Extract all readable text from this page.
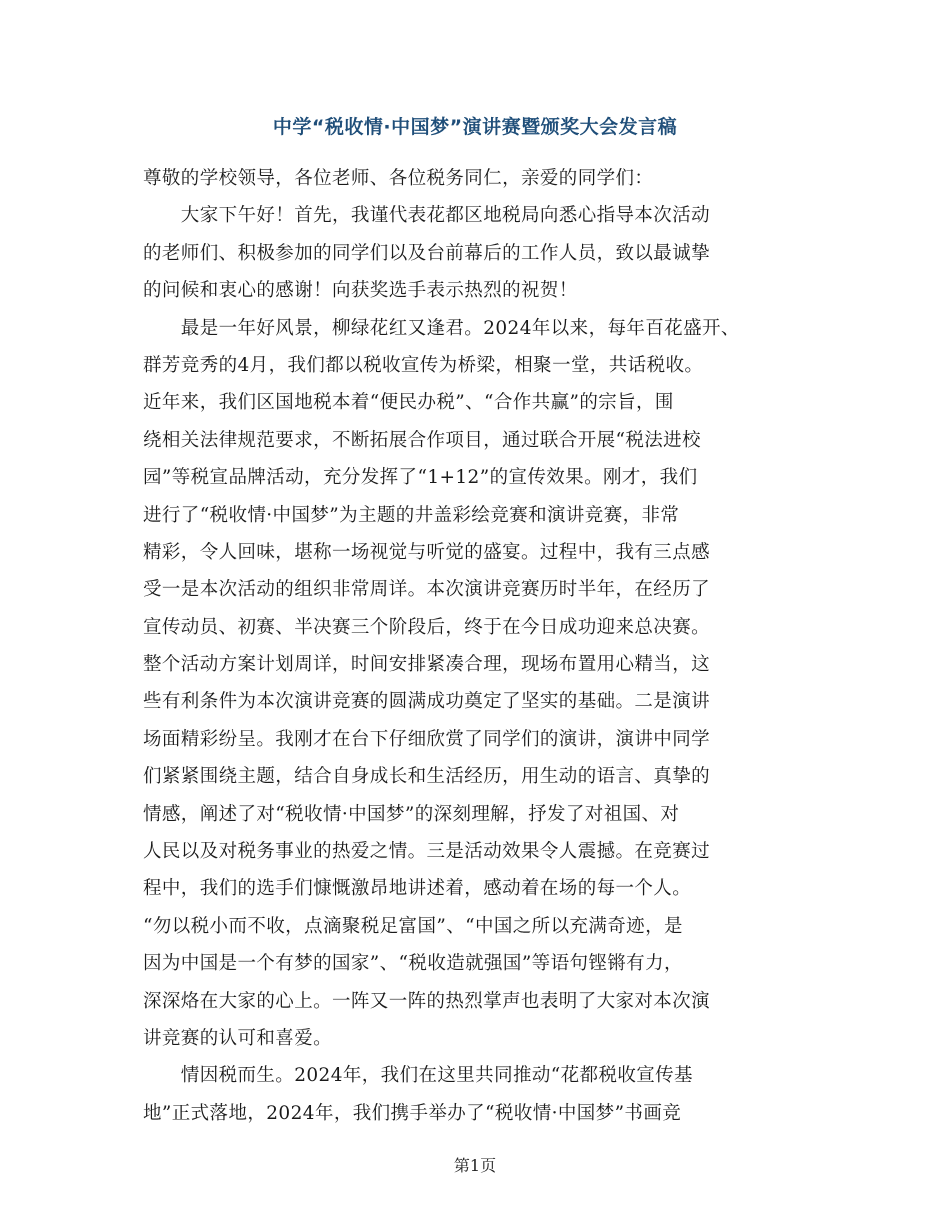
中学“税收情·中国梦”演讲赛暨颁奖大会发言稿
尊敬的学校领导，各位老师、各位税务同仁，亲爱的同学们：
　　大家下午好！首先，我谨代表花都区地税局向悉心指导本次活动
的老师们、积极参加的同学们以及台前幕后的工作人员，致以最诚挚
的问候和衷心的感谢！向获奖选手表示热烈的祝贺！
　　最是一年好风景，柳绿花红又逢君。2024年以来，每年百花盛开、
群芳竞秀的4月，我们都以税收宣传为桥梁，相聚一堂，共话税收。
近年来，我们区国地税本着“便民办税”、“合作共赢”的宗旨，围
绕相关法律规范要求，不断拓展合作项目，通过联合开展“税法进校
园”等税宣品牌活动，充分发挥了“1+12”的宣传效果。刚才，我们
进行了“税收情·中国梦”为主题的井盖彩绘竞赛和演讲竞赛，非常
精彩，令人回味，堪称一场视觉与听觉的盛宴。过程中，我有三点感
受一是本次活动的组织非常周详。本次演讲竞赛历时半年，在经历了
宣传动员、初赛、半决赛三个阶段后，终于在今日成功迎来总决赛。
整个活动方案计划周详，时间安排紧凑合理，现场布置用心精当，这
些有利条件为本次演讲竞赛的圆满成功奠定了坚实的基础。二是演讲
场面精彩纷呈。我刚才在台下仔细欣赏了同学们的演讲，演讲中同学
们紧紧围绕主题，结合自身成长和生活经历，用生动的语言、真挚的
情感，阐述了对“税收情·中国梦”的深刻理解，抒发了对祖国、对
人民以及对税务事业的热爱之情。三是活动效果令人震撼。在竞赛过
程中，我们的选手们慷慨激昂地讲述着，感动着在场的每一个人。
“勿以税小而不收，点滴聚税足富国”、“中国之所以充满奇迹，是
因为中国是一个有梦的国家”、“税收造就强国”等语句铿锵有力，
深深烙在大家的心上。一阵又一阵的热烈掌声也表明了大家对本次演
讲竞赛的认可和喜爱。
　　情因税而生。2024年，我们在这里共同推动“花都税收宣传基
地”正式落地，2024年，我们携手举办了“税收情·中国梦”书画竞
第1页
